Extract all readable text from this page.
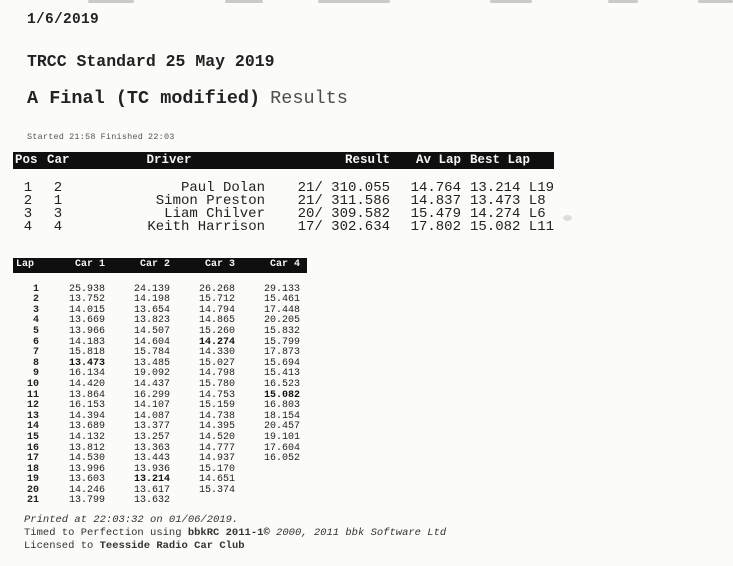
1/6/2019
TRCC Standard 25 May 2019
A Final (TC modified) Results
Started 21:58 Finished 22:03
Pos	Car	Driver	Result	Av Lap	Best Lap
1	2	Paul Dolan	21/ 310.055	14.764	13.214 L19
2	1	Simon Preston	21/ 311.586	14.837	13.473 L8
3	3	Liam Chilver	20/ 309.582	15.479	14.274 L6
4	4	Keith Harrison	17/ 302.634	17.802	15.082 L11
Lap	Car 1	Car 2	Car 3	Car 4
1	25.938	24.139	26.268	29.133
2	13.752	14.198	15.712	15.461
3	14.015	13.654	14.794	17.448
4	13.669	13.823	14.865	20.205
5	13.966	14.507	15.260	15.832
6	14.183	14.604	14.274	15.799
7	15.818	15.784	14.330	17.873
8	13.473	13.485	15.027	15.694
9	16.134	19.092	14.798	15.413
10	14.420	14.437	15.780	16.523
11	13.864	16.299	14.753	15.082
12	16.153	14.107	15.159	16.803
13	14.394	14.087	14.738	18.154
14	13.689	13.377	14.395	20.457
15	14.132	13.257	14.520	19.101
16	13.812	13.363	14.777	17.604
17	14.530	13.443	14.937	16.052
18	13.996	13.936	15.170	
19	13.603	13.214	14.651	
20	14.246	13.617	15.374	
21	13.799	13.632		
Printed at 22:03:32 on 01/06/2019.
Timed to Perfection using bbkRC 2011-1© 2000, 2011 bbk Software Ltd
Licensed to Teesside Radio Car Club
